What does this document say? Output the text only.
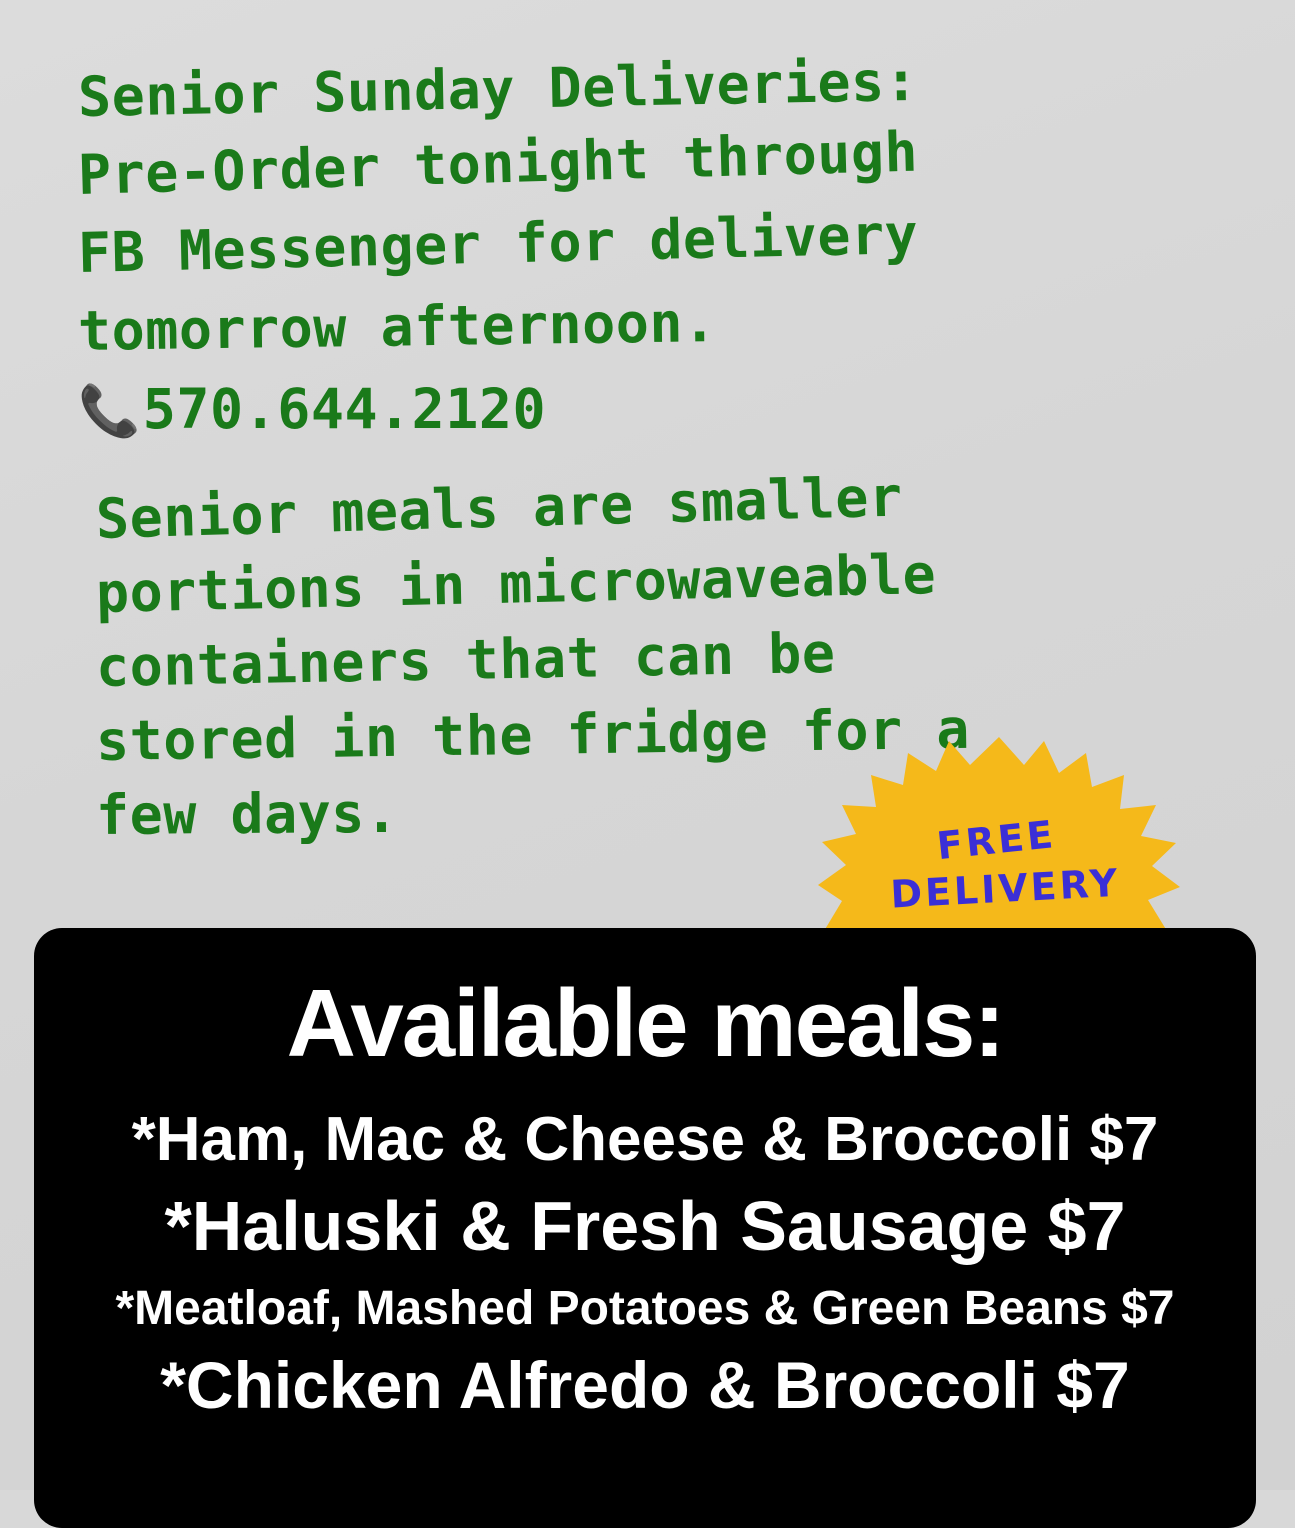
Senior Sunday Deliveries:
Pre-Order tonight through
FB Messenger for delivery
tomorrow afternoon.
📞 570.644.2120
Senior meals are smaller
portions in microwaveable
containers that can be
stored in the fridge for a
few days.	FREE
DELIVERY
Available meals:
*Ham, Mac & Cheese & Broccoli $7
*Haluski & Fresh Sausage $7
*Meatloaf, Mashed Potatoes & Green Beans $7
*Chicken Alfredo & Broccoli $7
